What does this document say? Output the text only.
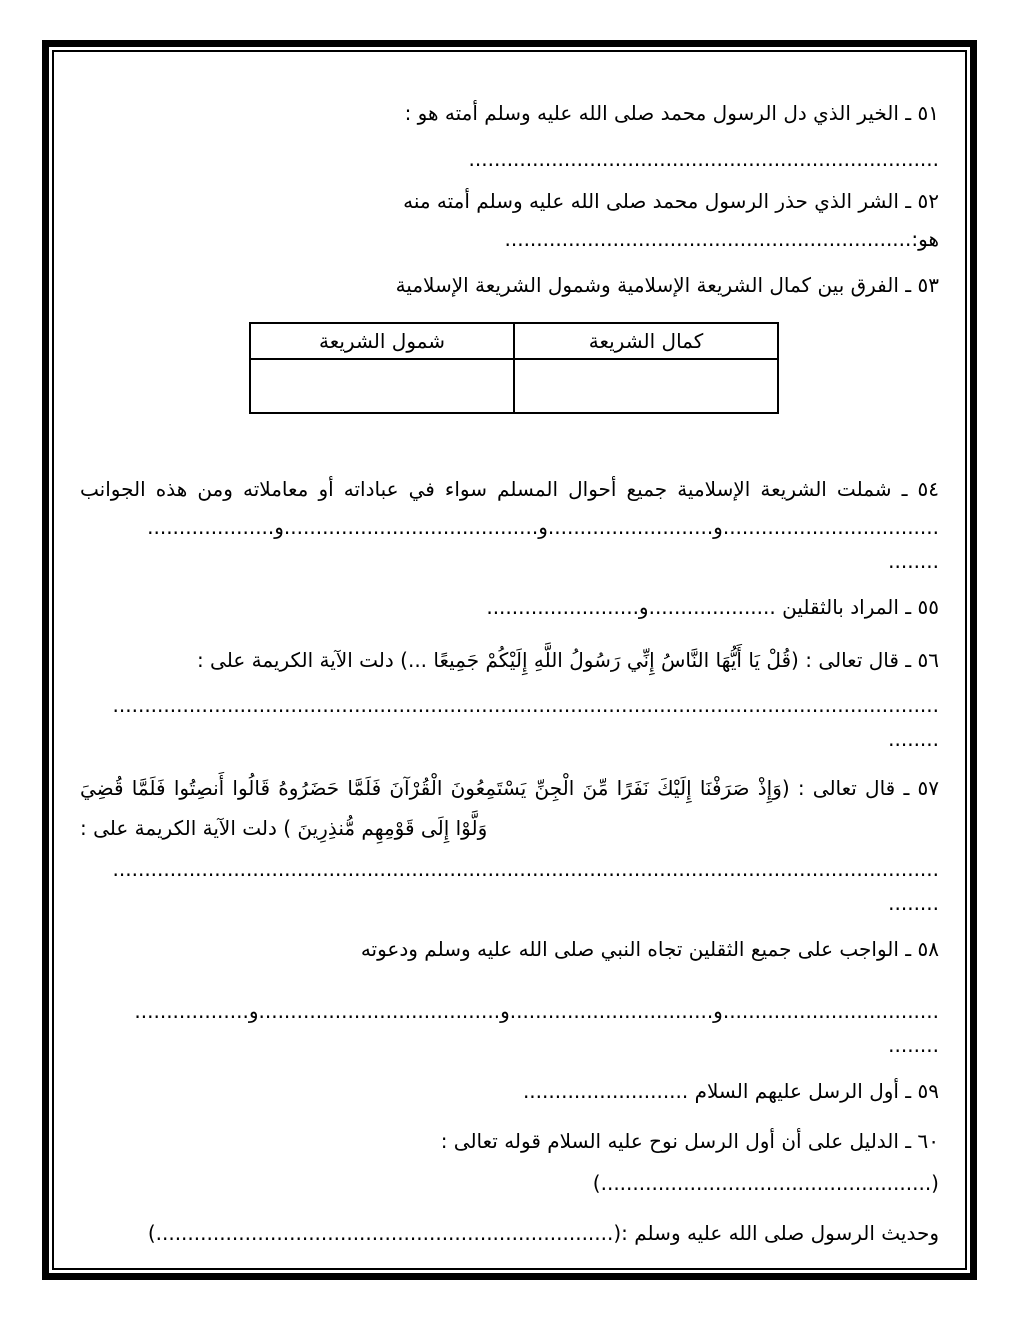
٥١ ـ الخير الذي دل الرسول محمد صلى الله عليه وسلم أمته هو :

..........................................................................

٥٢ ـ الشر الذي حذر الرسول محمد صلى الله عليه وسلم أمته منه

هو:................................................................

٥٣ ـ الفرق بين كمال الشريعة الإسلامية وشمول الشريعة الإسلامية

كمال الشريعة	شمول الشريعة

٥٤ ـ شملت الشريعة الإسلامية جميع أحوال المسلم سواء في عباداته أو معاملاته ومن هذه الجوانب

..................................و..........................و........................................و....................

........

٥٥ ـ المراد بالثقلين ....................و........................

٥٦ ـ قال تعالى : (قُلْ يَا أَيُّهَا النَّاسُ إِنِّي رَسُولُ اللَّهِ إِلَيْكُمْ جَمِيعًا ...) دلت الآية الكريمة على :

..................................................................................................................................

........

٥٧ ـ قال تعالى : (وَإِذْ صَرَفْنَا إِلَيْكَ نَفَرًا مِّنَ الْجِنِّ يَسْتَمِعُونَ الْقُرْآنَ فَلَمَّا حَضَرُوهُ قَالُوا أَنصِتُوا فَلَمَّا قُضِيَ وَلَّوْا إِلَى قَوْمِهِم مُّنذِرِينَ ) دلت الآية الكريمة على :

..................................................................................................................................

........

٥٨ ـ الواجب على جميع الثقلين تجاه النبي صلى الله عليه وسلم ودعوته

..................................و................................و......................................و..................

........

٥٩ ـ أول الرسل عليهم السلام ..........................

٦٠ ـ الدليل على أن أول الرسل نوح عليه السلام قوله تعالى :

(....................................................)

وحديث الرسول صلى الله عليه وسلم :(........................................................................)
